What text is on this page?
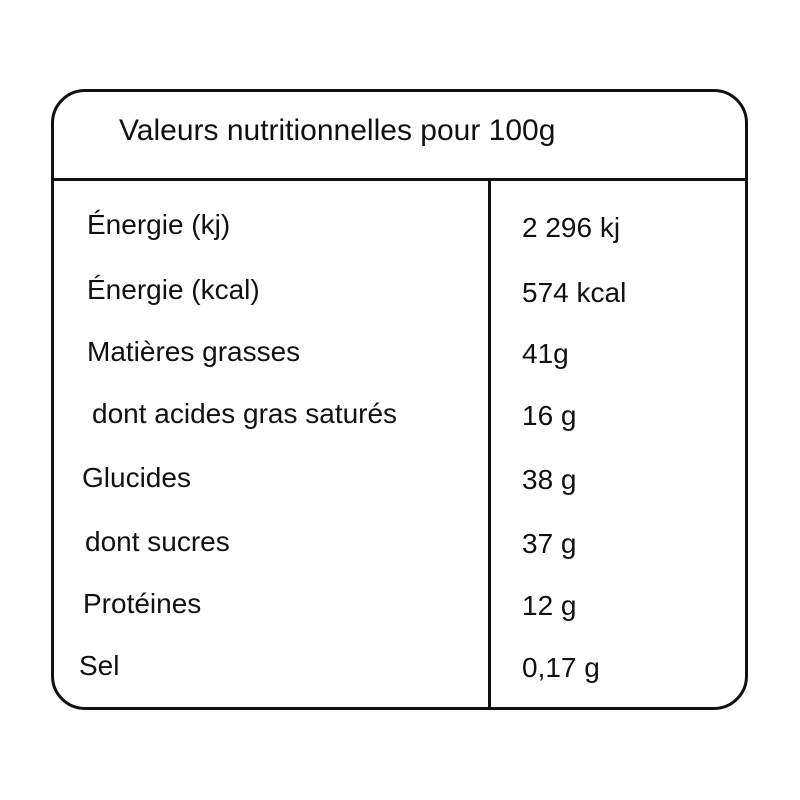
Valeurs nutritionnelles pour 100g
Énergie (kj)	2 296 kj
Énergie (kcal)	574 kcal
Matières grasses	41g
dont acides gras saturés	16 g
Glucides	38 g
dont sucres	37 g
Protéines	12 g
Sel	0,17 g
